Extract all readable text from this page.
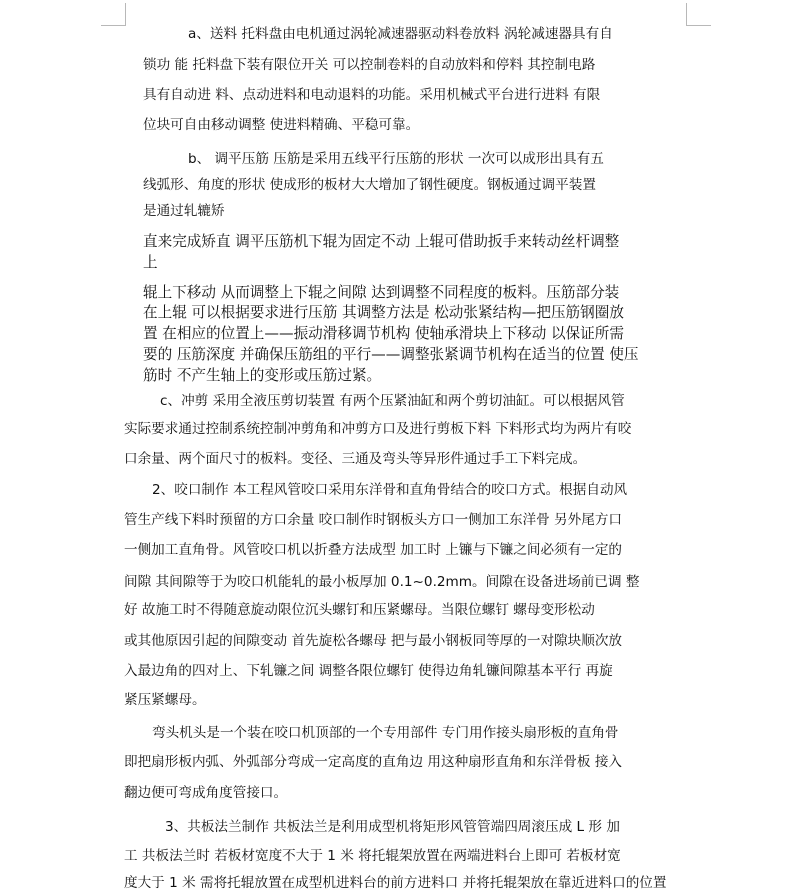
a、送料 托料盘由电机通过涡轮减速器驱动料卷放料 涡轮减速器具有自
锁功 能 托料盘下装有限位开关 可以控制卷料的自动放料和停料 其控制电路
具有自动进 料、点动进料和电动退料的功能。采用机械式平台进行进料 有限
位块可自由移动调整 使进料精确、平稳可靠。
b、 调平压筋 压筋是采用五线平行压筋的形状 一次可以成形出具有五
线弧形、角度的形状 使成形的板材大大增加了钢性硬度。钢板通过调平装置
是通过轧辘矫
直来完成矫直 调平压筋机下辊为固定不动 上辊可借助扳手来转动丝杆调整
上
辊上下移动 从而调整上下辊之间隙 达到调整不同程度的板料。压筋部分装
在上辊 可以根据要求进行压筋 其调整方法是 松动张紧结构—把压筋钢圈放
置 在相应的位置上——振动滑移调节机构 使轴承滑块上下移动 以保证所需
要的 压筋深度 并确保压筋组的平行——调整张紧调节机构在适当的位置 使压
筋时 不产生轴上的变形或压筋过紧。
c、冲剪 采用全液压剪切装置 有两个压紧油缸和两个剪切油缸。可以根据风管
实际要求通过控制系统控制冲剪角和冲剪方口及进行剪板下料 下料形式均为两片有咬
口余量、两个面尺寸的板料。变径、三通及弯头等异形件通过手工下料完成。
2、咬口制作 本工程风管咬口采用东洋骨和直角骨结合的咬口方式。根据自动风
管生产线下料时预留的方口余量 咬口制作时钢板头方口一侧加工东洋骨 另外尾方口
一侧加工直角骨。风管咬口机以折叠方法成型 加工时 上镰与下镰之间必须有一定的
间隙 其间隙等于为咬口机能轧的最小板厚加 0.1~0.2mm。间隙在设备进场前已调 整
好 故施工时不得随意旋动限位沉头螺钉和压紧螺母。当限位螺钉 螺母变形松动
或其他原因引起的间隙变动 首先旋松各螺母 把与最小钢板同等厚的一对隙块顺次放
入最边角的四对上、下轧镰之间 调整各限位螺钉 使得边角轧镰间隙基本平行 再旋
紧压紧螺母。
弯头机头是一个装在咬口机顶部的一个专用部件 专门用作接头扇形板的直角骨
即把扇形板内弧、外弧部分弯成一定高度的直角边 用这种扇形直角和东洋骨板 接入
翻边便可弯成角度管接口。
3、共板法兰制作 共板法兰是利用成型机将矩形风管管端四周滚压成 L 形 加
工 共板法兰时 若板材宽度不大于 1 米 将托辊架放置在两端进料台上即可 若板材宽
度大于 1 米 需将托辊放置在成型机进料台的前方进料口 并将托辊架放在靠近进料口的位置
